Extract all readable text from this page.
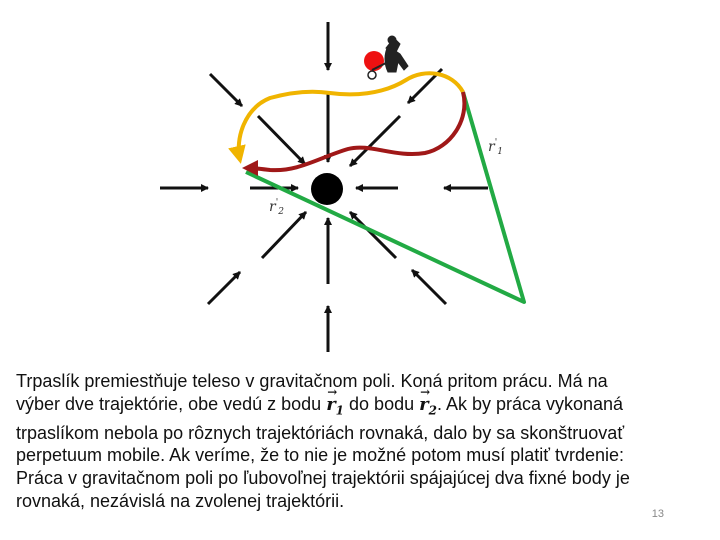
$r'_1$
$r'_2$

Trpaslík premiestňuje teleso v gravitačnom poli. Koná pritom prácu. Má na
výber dve trajektórie, obe vedú z bodu → $r_1$ do bodu → $r_2$. Ak by práca vykonaná
trpaslíkom nebola po rôznych trajektóriách rovnaká, dalo by sa skonštruovať
perpetuum mobile. Ak veríme, že to nie je možné potom musí platiť tvrdenie:
Práca v gravitačnom poli po ľubovoľnej trajektórii spájajúcej dva fixné body je
rovnaká, nezávislá na zvolenej trajektórii.

13
